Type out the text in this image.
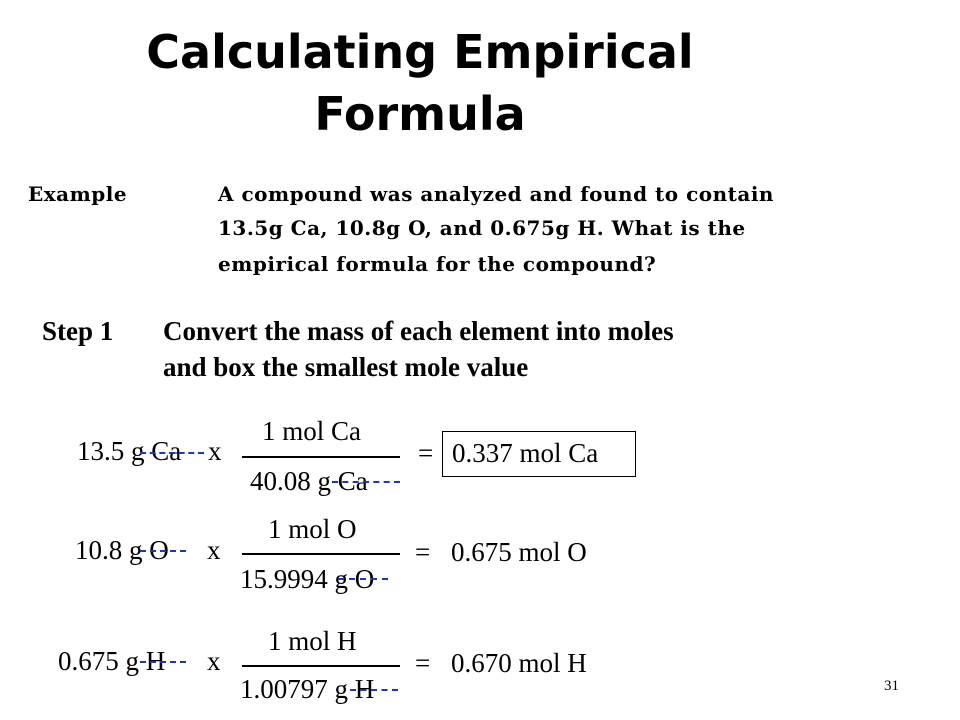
Calculating Empirical
Formula
Example	A compound was analyzed and found to contain
13.5g Ca, 10.8g O, and 0.675g H. What is the
empirical formula for the compound?
Step 1 Convert the mass of each element into moles
and box the smallest mole value
13.5 g Ca x
1 mol Ca
40.08 g Ca
= 0.337 mol Ca
10.8 g O x
1 mol O
15.9994 g O
= 0.675 mol O
0.675 g H x
1 mol H
1.00797 g H
= 0.670 mol H
31
